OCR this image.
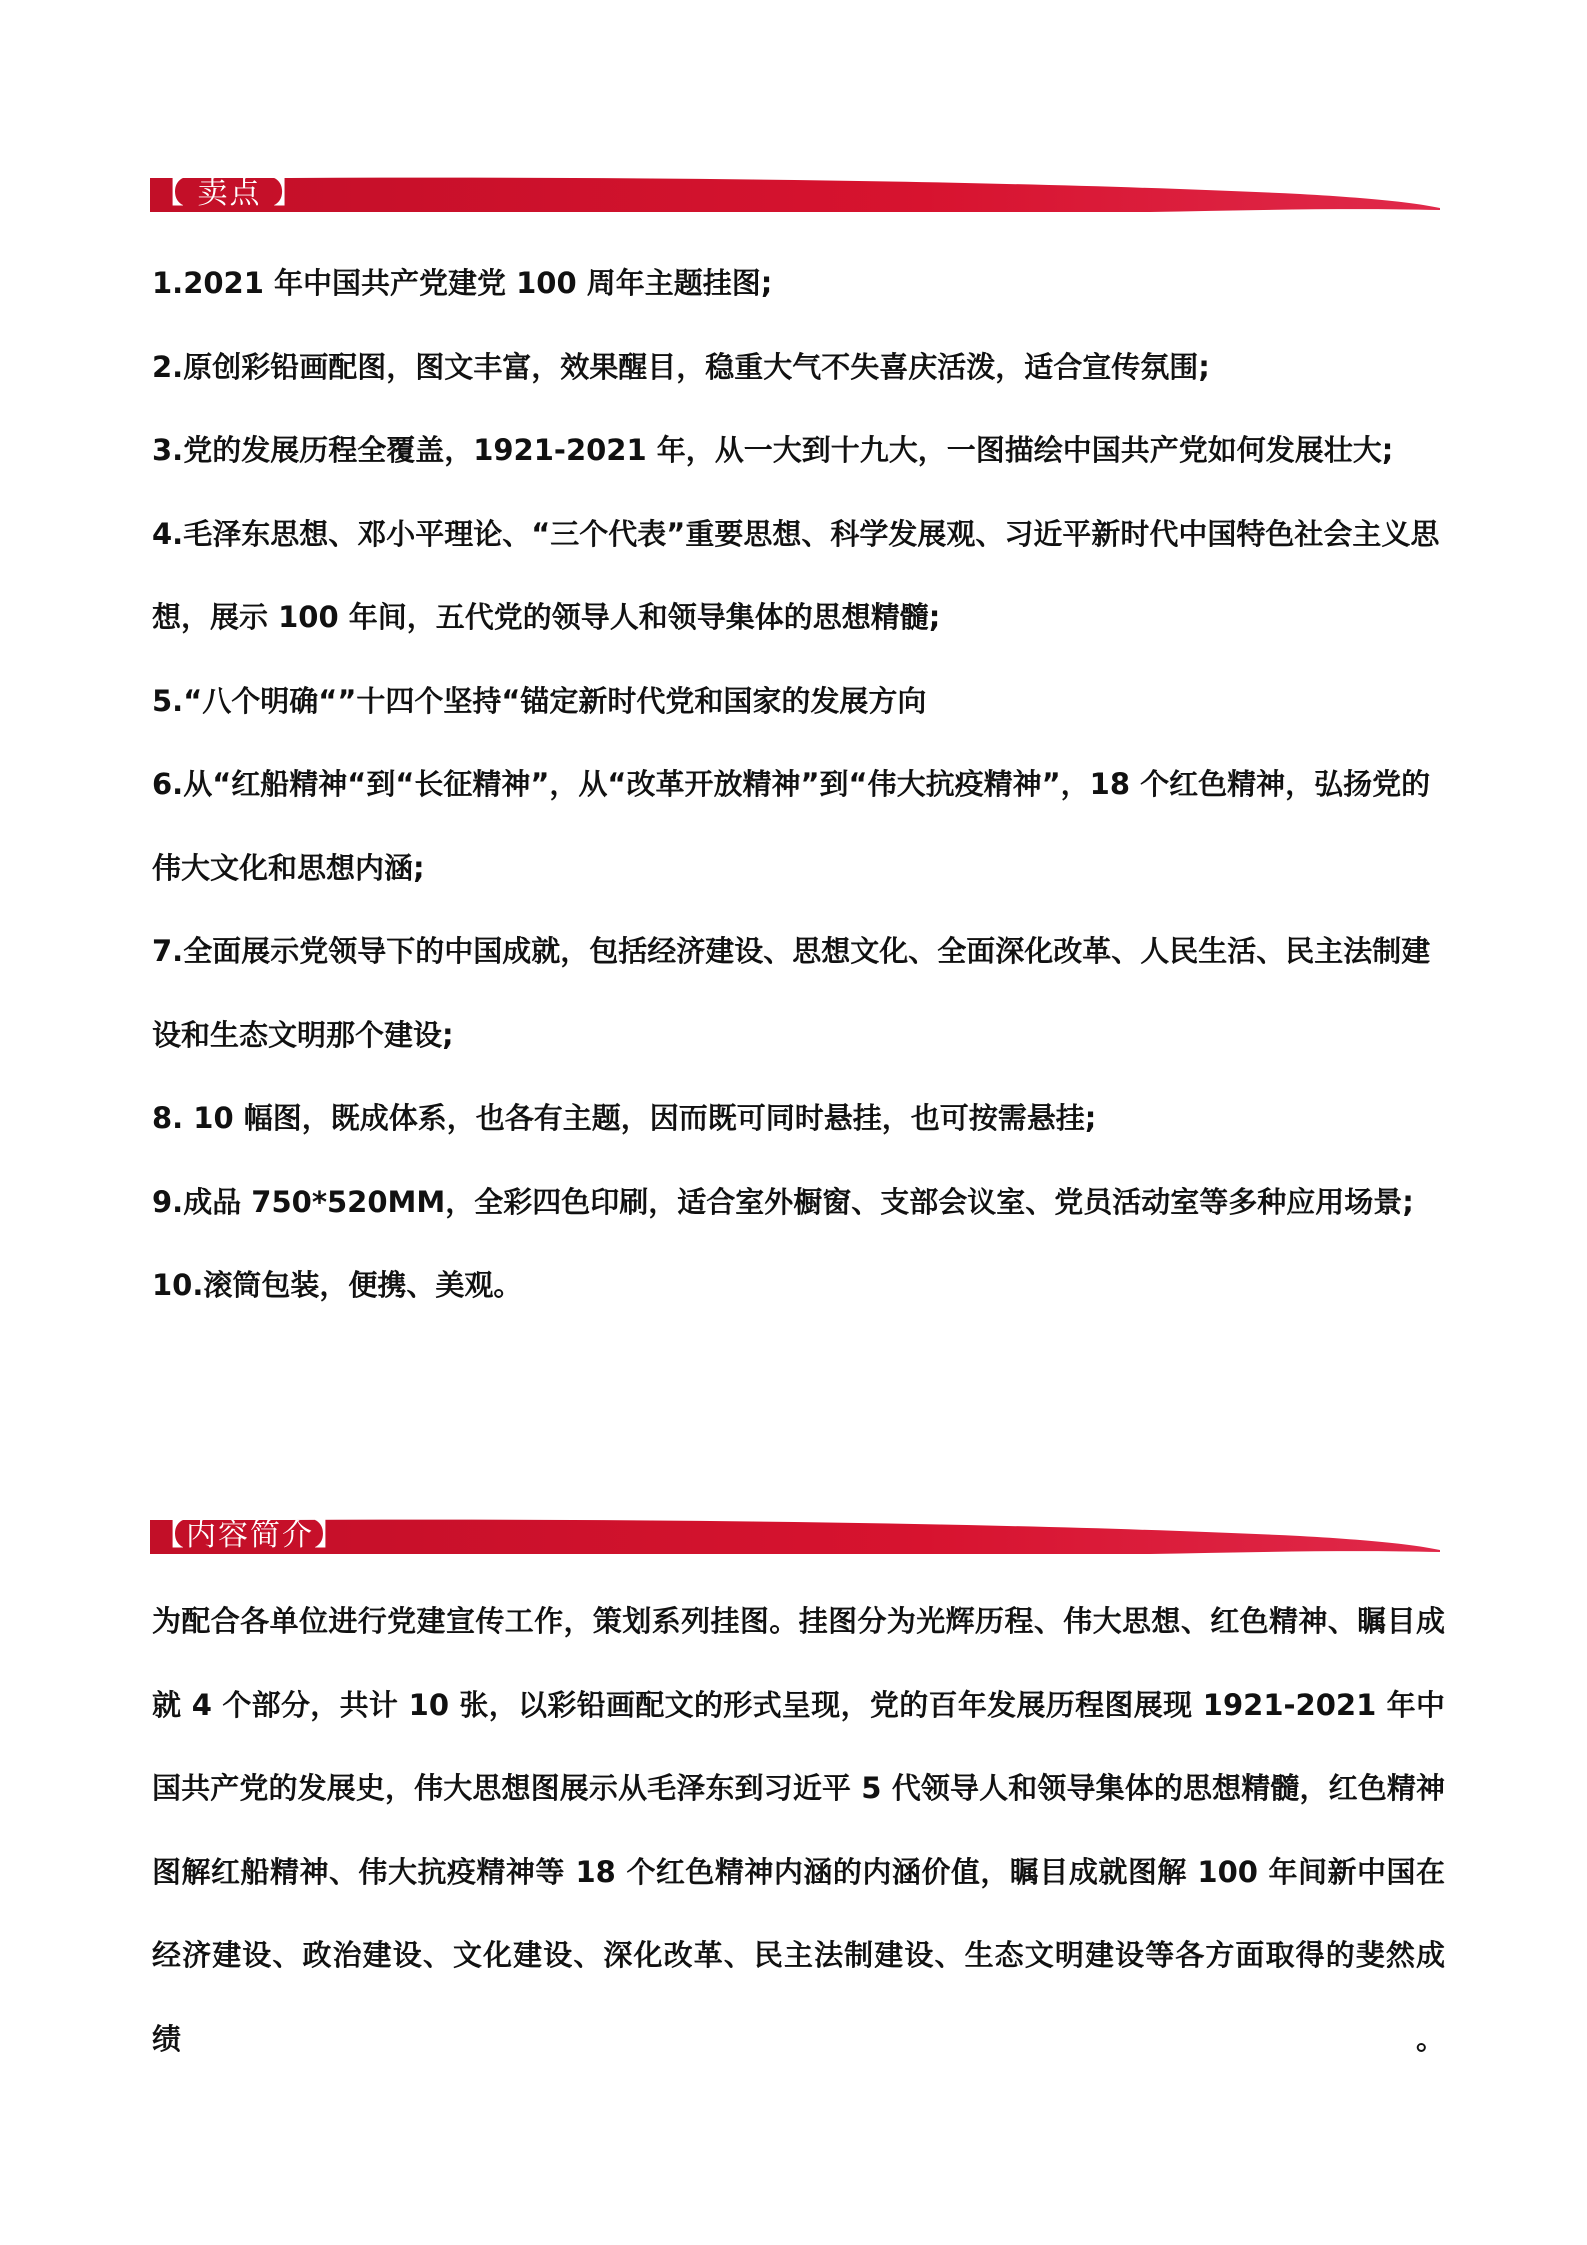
【 卖点 】
1.2021 年中国共产党建党 100 周年主题挂图;
2.原创彩铅画配图，图文丰富，效果醒目，稳重大气不失喜庆活泼，适合宣传氛围;
3.党的发展历程全覆盖，1921-2021 年，从一大到十九大，一图描绘中国共产党如何发展壮大;
4.毛泽东思想、邓小平理论、“三个代表”重要思想、科学发展观、习近平新时代中国特色社会主义思想，展示 100 年间，五代党的领导人和领导集体的思想精髓;
5.“八个明确“”十四个坚持“锚定新时代党和国家的发展方向
6.从“红船精神“到“长征精神”，从“改革开放精神”到“伟大抗疫精神”，18 个红色精神，弘扬党的伟大文化和思想内涵;
7.全面展示党领导下的中国成就，包括经济建设、思想文化、全面深化改革、人民生活、民主法制建设和生态文明那个建设;
8. 10 幅图，既成体系，也各有主题，因而既可同时悬挂，也可按需悬挂;
9.成品 750*520MM，全彩四色印刷，适合室外橱窗、支部会议室、党员活动室等多种应用场景;
10.滚筒包装，便携、美观。
【内容简介】

为配合各单位进行党建宣传工作，策划系列挂图。挂图分为光辉历程、伟大思想、红色精神、瞩目成就 4 个部分，共计 10 张，以彩铅画配文的形式呈现，党的百年发展历程图展现 1921-2021 年中国共产党的发展史，伟大思想图展示从毛泽东到习近平 5 代领导人和领导集体的思想精髓，红色精神图解红船精神、伟大抗疫精神等 18 个红色精神内涵的内涵价值，瞩目成就图解 100 年间新中国在经济建设、政治建设、文化建设、深化改革、民主法制建设、生态文明建设等各方面取得的斐然成绩。
